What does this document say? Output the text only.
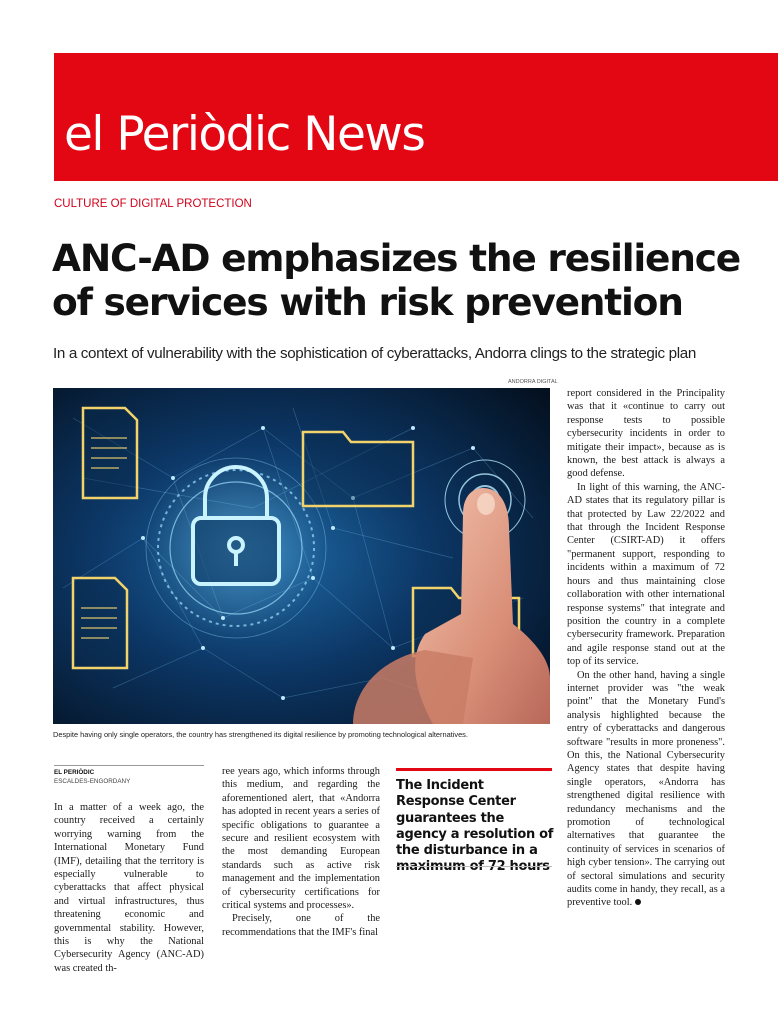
el Periòdic News
CULTURE OF DIGITAL PROTECTION
ANC-AD emphasizes the resilience of services with risk prevention
In a context of vulnerability with the sophistication of cyberattacks, Andorra clings to the strategic plan
ANDORRA DIGITAL
Despite having only single operators, the country has strengthened its digital resilience by promoting technological alternatives.
EL PERIÒDIC
ESCALDES-ENGORDANY

In a matter of a week ago, the country received a certainly worrying warning from the International Monetary Fund (IMF), detailing that the territory is especially vulnerable to cyberattacks that affect physical and virtual infrastructures, thus threatening economic and governmental stability. However, this is why the National Cybersecurity Agency (ANC-AD) was created th-

ree years ago, which informs through this medium, and regarding the aforementioned alert, that «Andorra has adopted in recent years a series of specific obligations to guarantee a secure and resilient ecosystem with the most demanding European standards such as active risk management and the implementation of cybersecurity certifications for critical systems and processes».

Precisely, one of the recommendations that the IMF's final

The Incident Response Center guarantees the agency a resolution of the disturbance in a

report considered in the Principality was that it «continue to carry out response tests to possible cybersecurity incidents in order to mitigate their impact», because as is known, the best attack is always a good defense.

In light of this warning, the ANC-AD states that its regulatory pillar is that protected by Law 22/2022 and that through the Incident Response Center (CSIRT-AD) it offers "permanent support, responding to incidents within a maximum of 72 hours and thus maintaining close collaboration with other international response systems" that integrate and position the country in a complete cybersecurity framework. Preparation and agile response stand out at the top of its service.

On the other hand, having a single internet provider was "the weak point" that the Monetary Fund's analysis highlighted because the entry of cyberattacks and dangerous software "results in more proneness". On this, the National Cybersecurity Agency states that despite having single operators, «Andorra has strengthened digital resilience with redundancy mechanisms and the promotion of technological alternatives that guarantee the continuity of services in scenarios of high cyber tension». The carrying out of sectoral simulations and security audits come in handy, they recall, as a preventive tool.
